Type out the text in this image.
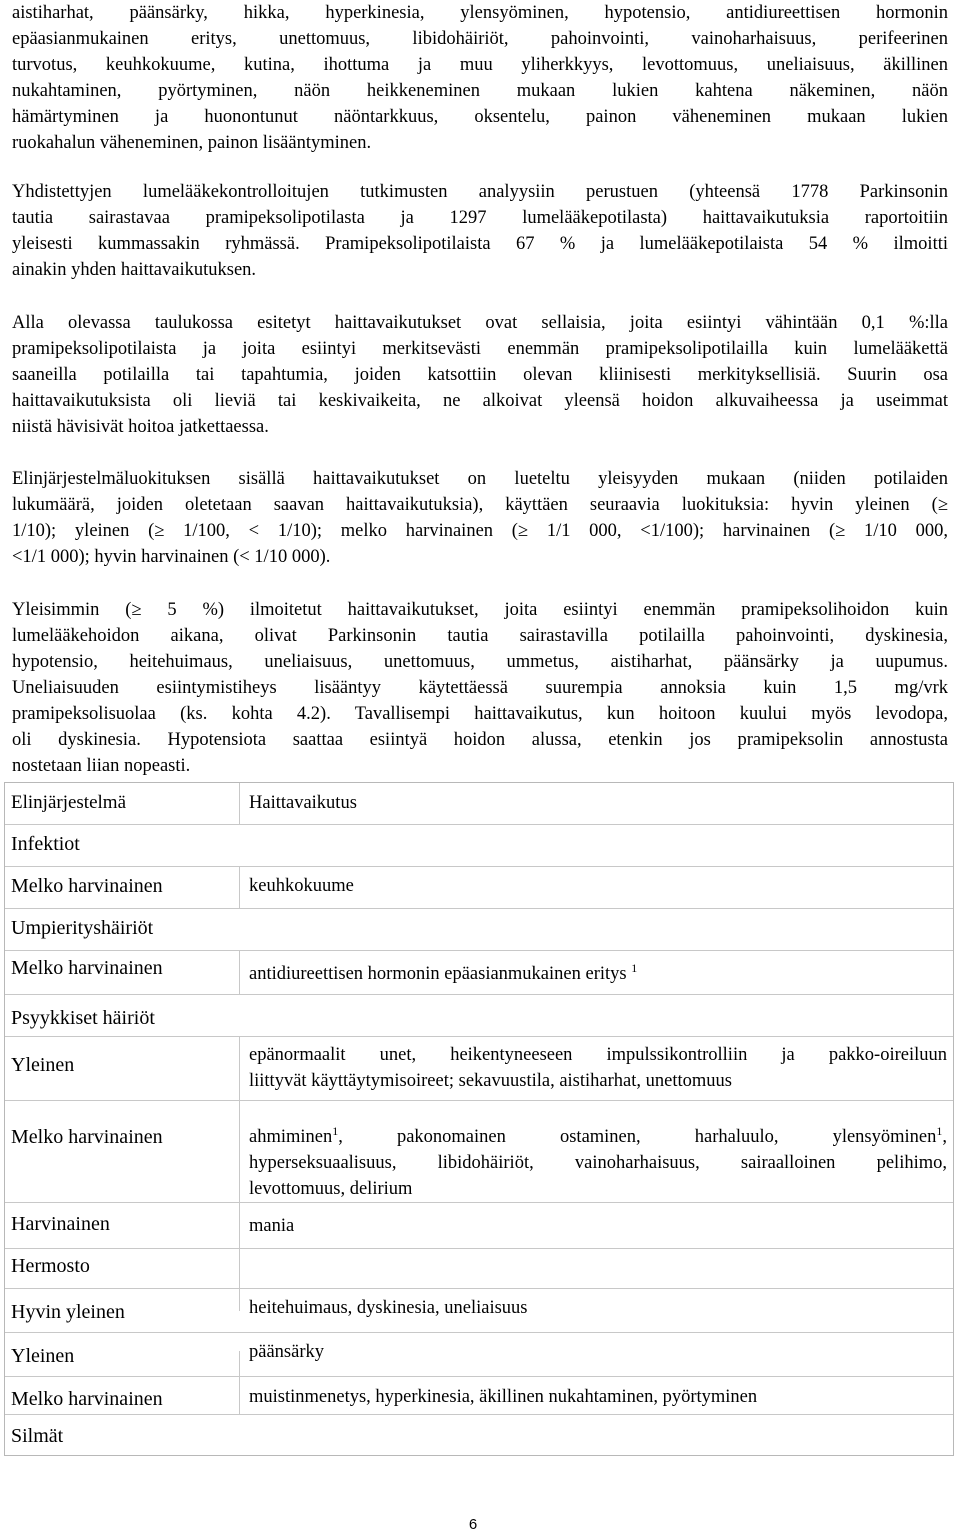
aistiharhat, päänsärky, hikka, hyperkinesia, ylensyöminen, hypotensio, antidiureettisen hormonin
epäasianmukainen eritys, unettomuus, libidohäiriöt, pahoinvointi, vainoharhaisuus, perifeerinen
turvotus, keuhkokuume, kutina, ihottuma ja muu yliherkkyys, levottomuus, uneliaisuus, äkillinen
nukahtaminen, pyörtyminen, näön heikkeneminen mukaan lukien kahtena näkeminen, näön
hämärtyminen ja huonontunut näöntarkkuus, oksentelu, painon väheneminen mukaan lukien
ruokahalun väheneminen, painon lisääntyminen.

Yhdistettyjen lumelääkekontrolloitujen tutkimusten analyysiin perustuen (yhteensä 1778 Parkinsonin
tautia sairastavaa pramipeksolipotilasta ja 1297 lumelääkepotilasta) haittavaikutuksia raportoitiin
yleisesti kummassakin ryhmässä. Pramipeksolipotilaista 67 % ja lumelääkepotilaista 54 % ilmoitti
ainakin yhden haittavaikutuksen.

Alla olevassa taulukossa esitetyt haittavaikutukset ovat sellaisia, joita esiintyi vähintään 0,1 %:lla
pramipeksolipotilaista ja joita esiintyi merkitsevästi enemmän pramipeksolipotilailla kuin lumelääkettä
saaneilla potilailla tai tapahtumia, joiden katsottiin olevan kliinisesti merkityksellisiä. Suurin osa
haittavaikutuksista oli lieviä tai keskivaikeita, ne alkoivat yleensä hoidon alkuvaiheessa ja useimmat
niistä hävisivät hoitoa jatkettaessa.

Elinjärjestelmäluokituksen sisällä haittavaikutukset on lueteltu yleisyyden mukaan (niiden potilaiden
lukumäärä, joiden oletetaan saavan haittavaikutuksia), käyttäen seuraavia luokituksia: hyvin yleinen (≥
1/10); yleinen (≥ 1/100, < 1/10); melko harvinainen (≥ 1/1 000, <1/100); harvinainen (≥ 1/10 000,
<1/1 000); hyvin harvinainen (< 1/10 000).

Yleisimmin (≥ 5 %) ilmoitetut haittavaikutukset, joita esiintyi enemmän pramipeksolihoidon kuin
lumelääkehoidon aikana, olivat Parkinsonin tautia sairastavilla potilailla pahoinvointi, dyskinesia,
hypotensio, heitehuimaus, uneliaisuus, unettomuus, ummetus, aistiharhat, päänsärky ja uupumus.
Uneliaisuuden esiintymistiheys lisääntyy käytettäessä suurempia annoksia kuin 1,5 mg/vrk
pramipeksolisuolaa (ks. kohta 4.2). Tavallisempi haittavaikutus, kun hoitoon kuului myös levodopa,
oli dyskinesia. Hypotensiota saattaa esiintyä hoidon alussa, etenkin jos pramipeksolin annostusta
nostetaan liian nopeasti.

Elinjärjestelmä	Haittavaikutus
Infektiot
Melko harvinainen	keuhkokuume
Umpierityshäiriöt
Melko harvinainen	antidiureettisen hormonin epäasianmukainen eritys $^1$
Psyykkiset häiriöt
Yleinen	epänormaalit unet, heikentyneeseen impulssikontrolliin ja pakko-oireiluun
liittyvät käyttäytymisoireet; sekavuustila, aistiharhat, unettomuus
Melko harvinainen	ahmiminen$^1$, pakonomainen ostaminen, harhaluulo, ylensyöminen$^1$,
hyperseksuaalisuus, libidohäiriöt, vainoharhaisuus, sairaalloinen pelihimo,
levottomuus, delirium
Harvinainen	mania
Hermosto
Hyvin yleinen	heitehuimaus, dyskinesia, uneliaisuus
Yleinen	päänsärky
Melko harvinainen	muistinmenetys, hyperkinesia, äkillinen nukahtaminen, pyörtyminen
Silmät
6
